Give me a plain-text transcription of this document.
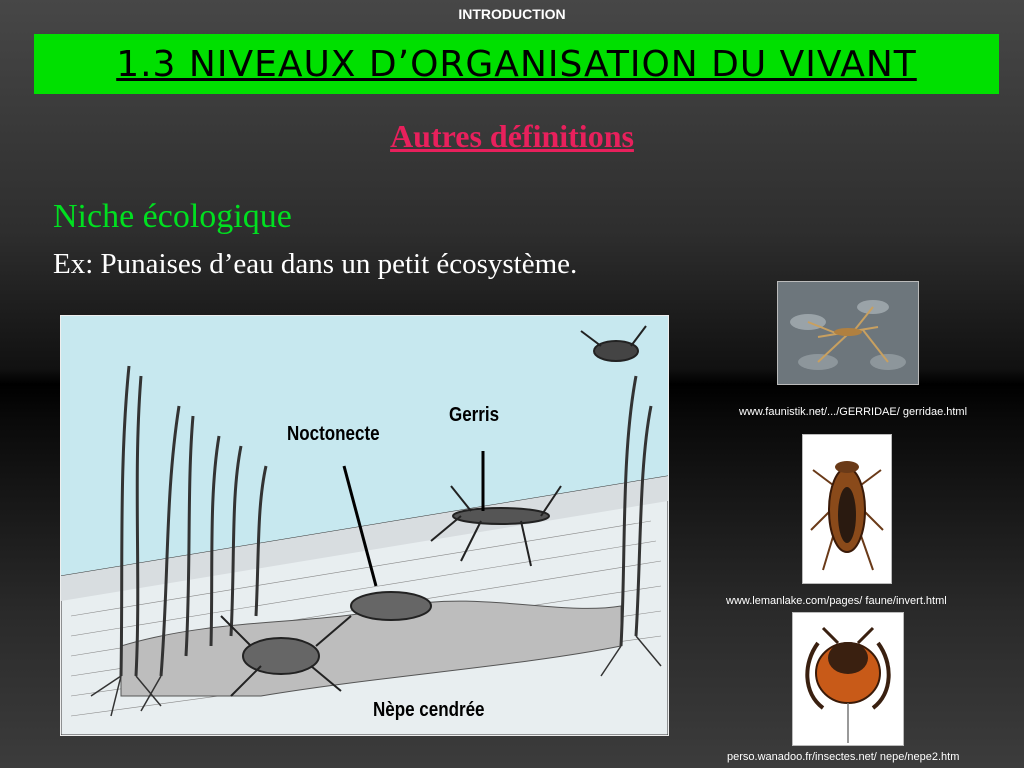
INTRODUCTION
1.3 NIVEAUX D’ORGANISATION DU VIVANT
Autres définitions
Niche écologique
Ex: Punaises d’eau dans un petit écosystème.
Gerris
Noctonecte
Nèpe cendrée
www.faunistik.net/.../GERRIDAE/ gerridae.html
www.lemanlake.com/pages/ faune/invert.html
perso.wanadoo.fr/insectes.net/ nepe/nepe2.htm
